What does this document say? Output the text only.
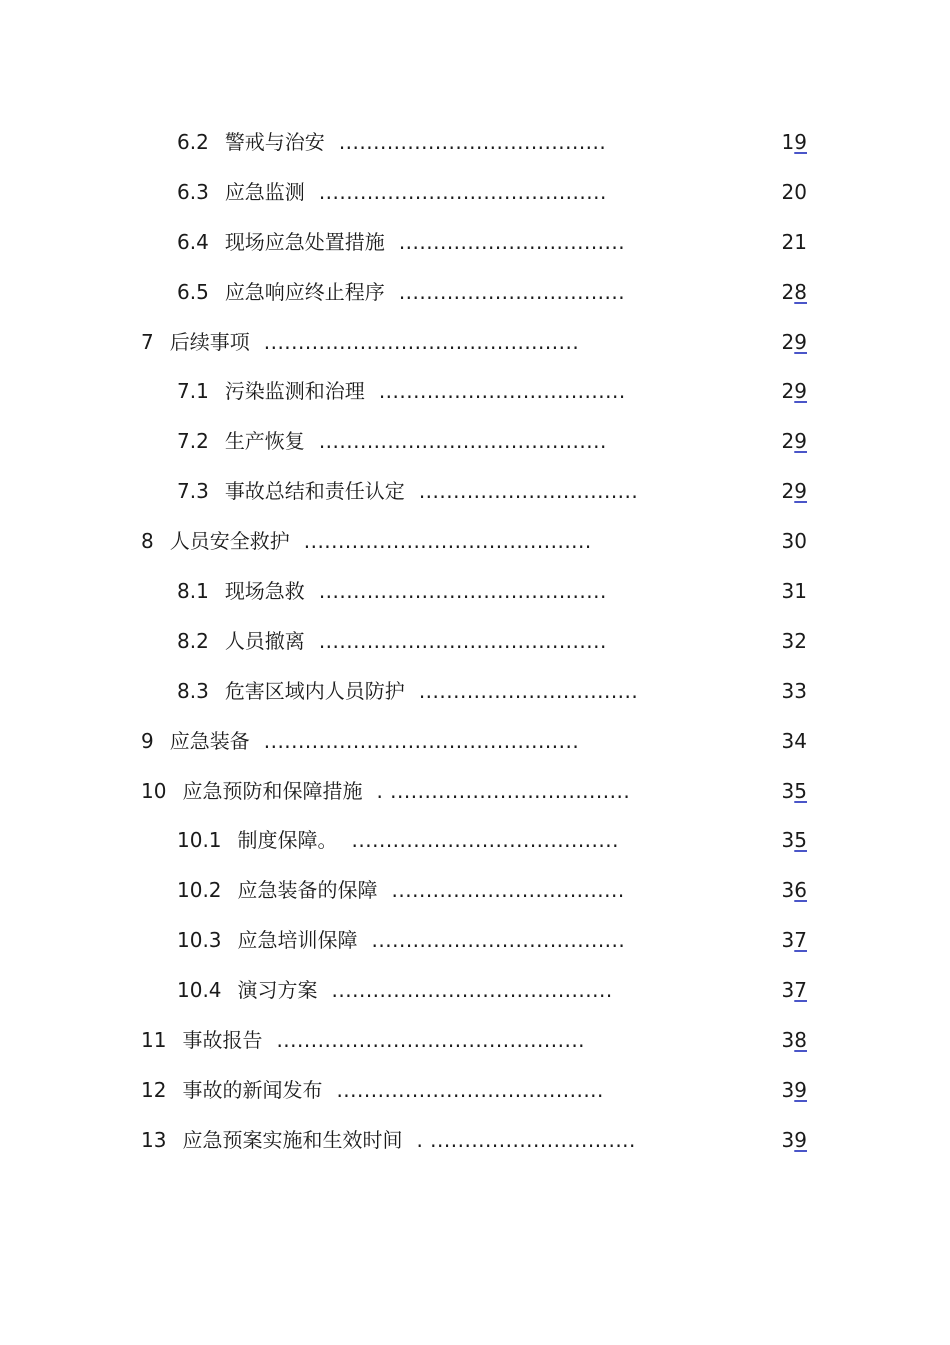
6.2 警戒与治安 .......................................	19
6.3 应急监测 ..........................................	20
6.4 现场应急处置措施 .................................	21
6.5 应急响应终止程序 .................................	28
7 后续事项 ..............................................	29
7.1 污染监测和治理 ....................................	29
7.2 生产恢复 ..........................................	29
7.3 事故总结和责任认定 ................................	29
8 人员安全救护 ..........................................	30
8.1 现场急救 ..........................................	31
8.2 人员撤离 ..........................................	32
8.3 危害区域内人员防护 ................................	33
9 应急装备 ..............................................	34
10 应急预防和保障措施 . ...................................	35
10.1 制度保障。 .......................................	35
10.2 应急装备的保障 ..................................	36
10.3 应急培训保障 .....................................	37
10.4 演习方案 .........................................	37
11 事故报告 .............................................	38
12 事故的新闻发布 .......................................	39
13 应急预案实施和生效时间 . ..............................	39
